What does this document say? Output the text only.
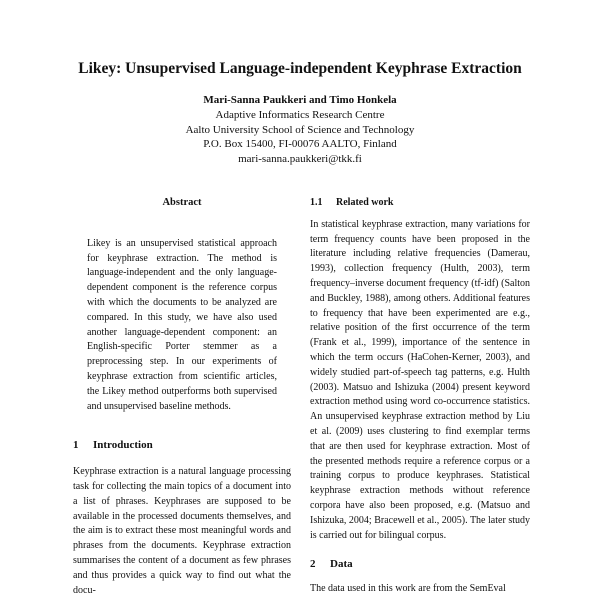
Likey: Unsupervised Language-independent Keyphrase Extraction
Mari-Sanna Paukkeri and Timo Honkela
Adaptive Informatics Research Centre
Aalto University School of Science and Technology
P.O. Box 15400, FI-00076 AALTO, Finland
mari-sanna.paukkeri@tkk.fi
Abstract

Likey is an unsupervised statistical approach for keyphrase extraction. The method is language-independent and the only language-dependent component is the reference corpus with which the documents to be analyzed are compared. In this study, we have also used another language-dependent component: an English-specific Porter stemmer as a preprocessing step. In our experiments of keyphrase extraction from scientific articles, the Likey method outperforms both supervised and unsupervised baseline methods.

1 Introduction

Keyphrase extraction is a natural language processing task for collecting the main topics of a document into a list of phrases. Keyphrases are supposed to be available in the processed documents themselves, and the aim is to extract these most meaningful words and phrases from the documents. Keyphrase extraction summarises the content of a document as few phrases and thus provides a quick way to find out what the docu-

1.1 Related work

In statistical keyphrase extraction, many variations for term frequency counts have been proposed in the literature including relative frequencies (Damerau, 1993), collection frequency (Hulth, 2003), term frequency–inverse document frequency (tf-idf) (Salton and Buckley, 1988), among others. Additional features to frequency that have been experimented are e.g., relative position of the first occurrence of the term (Frank et al., 1999), importance of the sentence in which the term occurs (HaCohen-Kerner, 2003), and widely studied part-of-speech tag patterns, e.g. Hulth (2003). Matsuo and Ishizuka (2004) present keyword extraction method using word co-occurrence statistics. An unsupervised keyphrase extraction method by Liu et al. (2009) uses clustering to find exemplar terms that are then used for keyphrase extraction. Most of the presented methods require a reference corpus or a training corpus to produce keyphrases. Statistical keyphrase extraction methods without reference corpora have also been proposed, e.g. (Matsuo and Ishizuka, 2004; Bracewell et al., 2005). The later study is carried out for bilingual corpus.

2 Data

The data used in this work are from the SemEval
